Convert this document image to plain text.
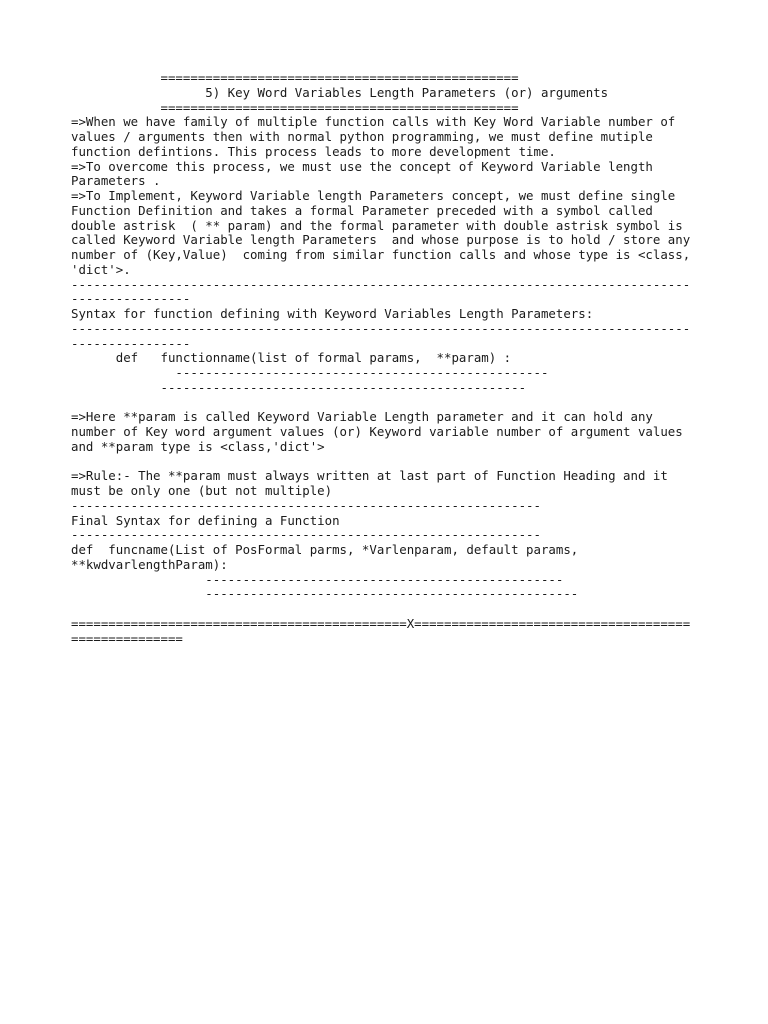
================================================
5) Key Word Variables Length Parameters (or) arguments
================================================
=>When we have family of multiple function calls with Key Word Variable number of
values / arguments then with normal python programming, we must define mutiple
function defintions. This process leads to more development time.
=>To overcome this process, we must use the concept of Keyword Variable length
Parameters .
=>To Implement, Keyword Variable length Parameters concept, we must define single
Function Definition and takes a formal Parameter preceded with a symbol called
double astrisk  ( ** param) and the formal parameter with double astrisk symbol is
called Keyword Variable length Parameters  and whose purpose is to hold / store any
number of (Key,Value)  coming from similar function calls and whose type is <class,
'dict'>.
-----------------------------------------------------------------------------------
----------------
Syntax for function defining with Keyword Variables Length Parameters:
-----------------------------------------------------------------------------------
----------------
def   functionname(list of formal params,  **param) :
--------------------------------------------------
-------------------------------------------------
=>Here **param is called Keyword Variable Length parameter and it can hold any
number of Key word argument values (or) Keyword variable number of argument values
and **param type is <class,'dict'>
=>Rule:- The **param must always written at last part of Function Heading and it
must be only one (but not multiple)
---------------------------------------------------------------
Final Syntax for defining a Function
---------------------------------------------------------------
def  funcname(List of PosFormal parms, *Varlenparam, default params,
**kwdvarlengthParam):
------------------------------------------------
--------------------------------------------------
=============================================X=====================================
===============
